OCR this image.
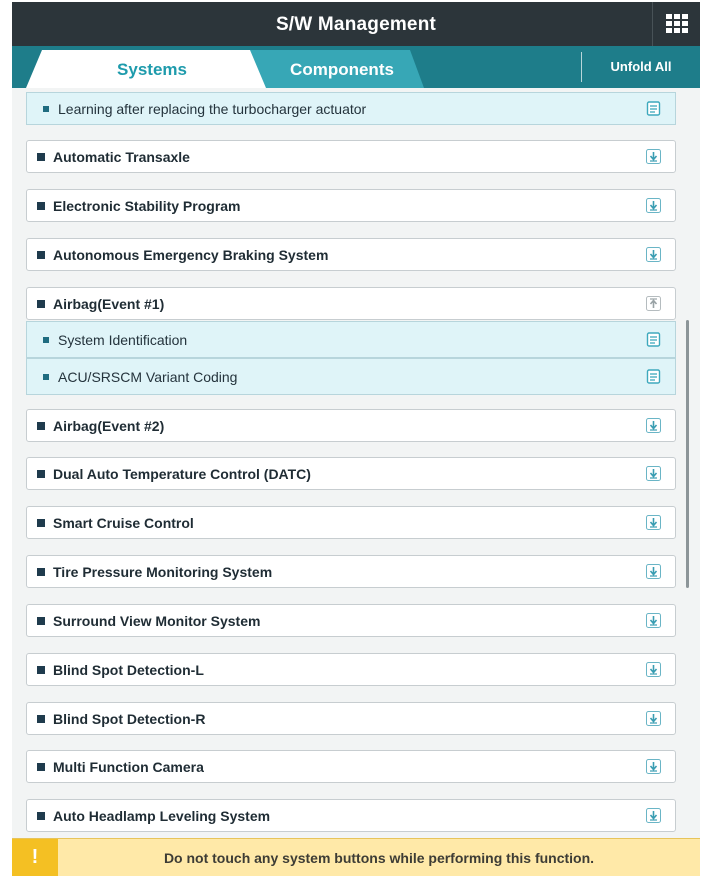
S/W Management
Systems	Components	Unfold All
Learning after replacing the turbocharger actuator
Automatic Transaxle
Electronic Stability Program
Autonomous Emergency Braking System
Airbag(Event #1)
System Identification
ACU/SRSCM Variant Coding
Airbag(Event #2)
Dual Auto Temperature Control (DATC)
Smart Cruise Control
Tire Pressure Monitoring System
Surround View Monitor System
Blind Spot Detection-L
Blind Spot Detection-R
Multi Function Camera
Auto Headlamp Leveling System
!	Do not touch any system buttons while performing this function.
